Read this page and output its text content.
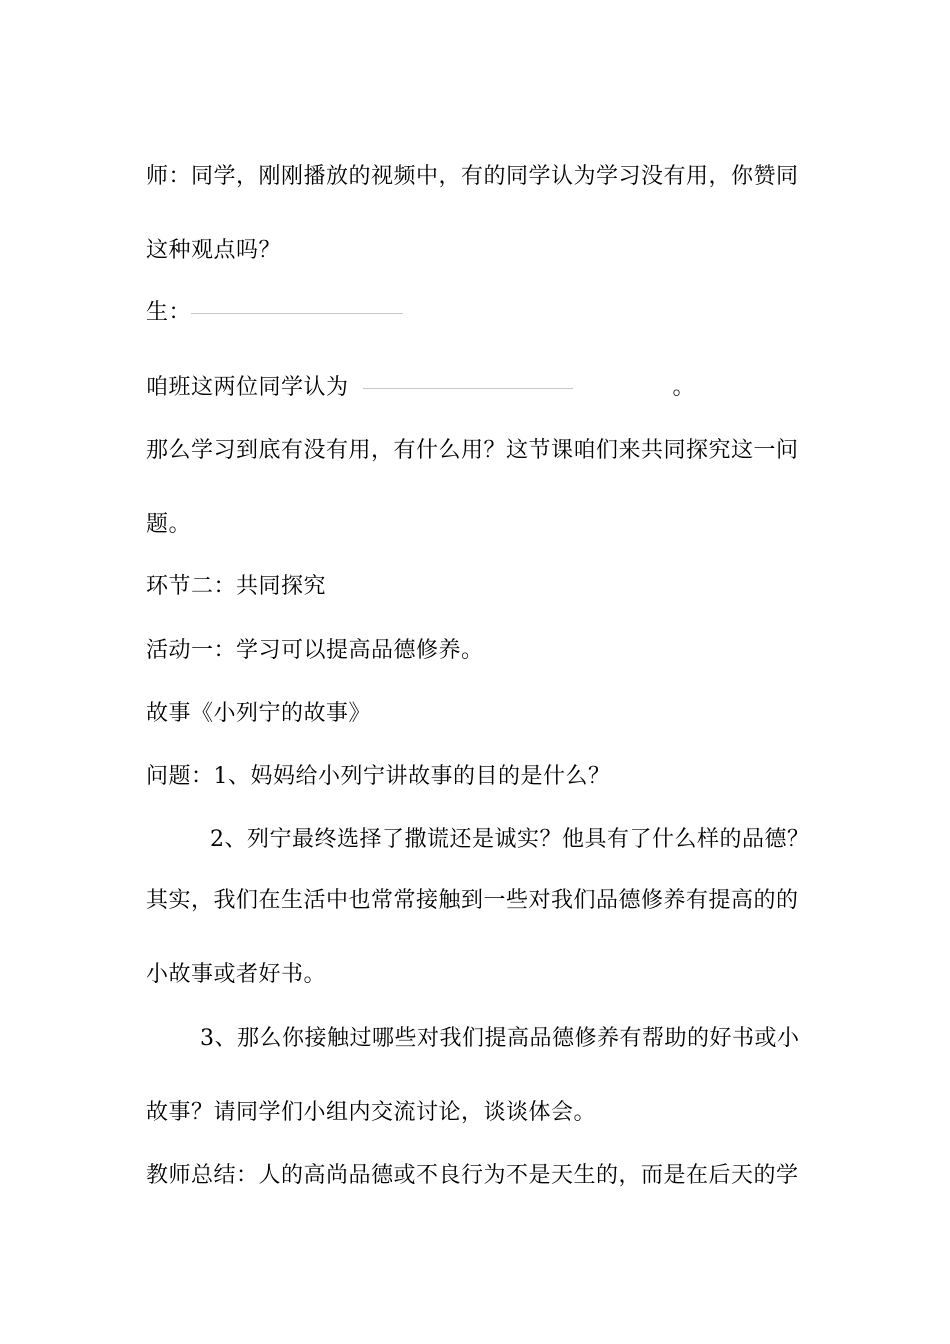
师：同学，刚刚播放的视频中，有的同学认为学习没有用，你赞同
这种观点吗？
生：
咱班这两位同学认为	。
那么学习到底有没有用，有什么用？这节课咱们来共同探究这一问
题。
环节二：共同探究
活动一：学习可以提高品德修养。
故事《小列宁的故事》
问题：1、妈妈给小列宁讲故事的目的是什么？
2、列宁最终选择了撒谎还是诚实？他具有了什么样的品德？
其实，我们在生活中也常常接触到一些对我们品德修养有提高的的
小故事或者好书。
3、那么你接触过哪些对我们提高品德修养有帮助的好书或小
故事？请同学们小组内交流讨论，谈谈体会。
教师总结：人的高尚品德或不良行为不是天生的，而是在后天的学
